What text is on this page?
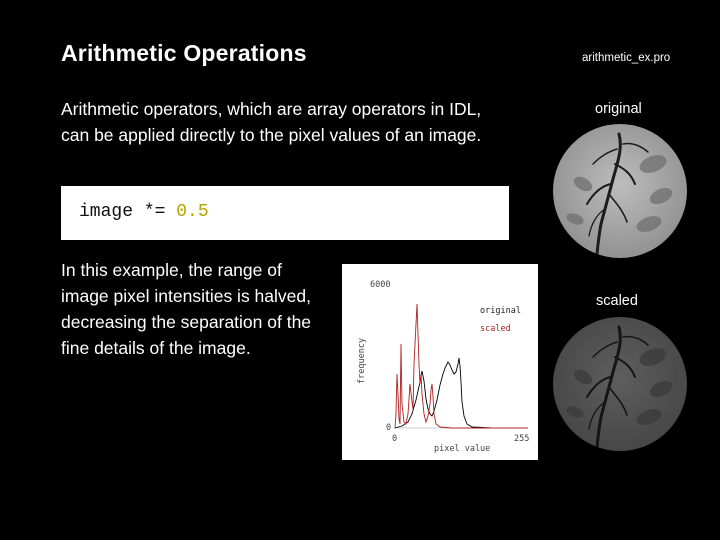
Arithmetic Operations	arithmetic_ex.pro
Arithmetic operators, which are array operators in IDL, can be applied directly to the pixel values of an image.
image *= 0.5
In this example, the range of image pixel intensities is halved, decreasing the separation of the fine details of the image.
6000
frequency
0
0	255
pixel value
original
scaled
original
scaled
